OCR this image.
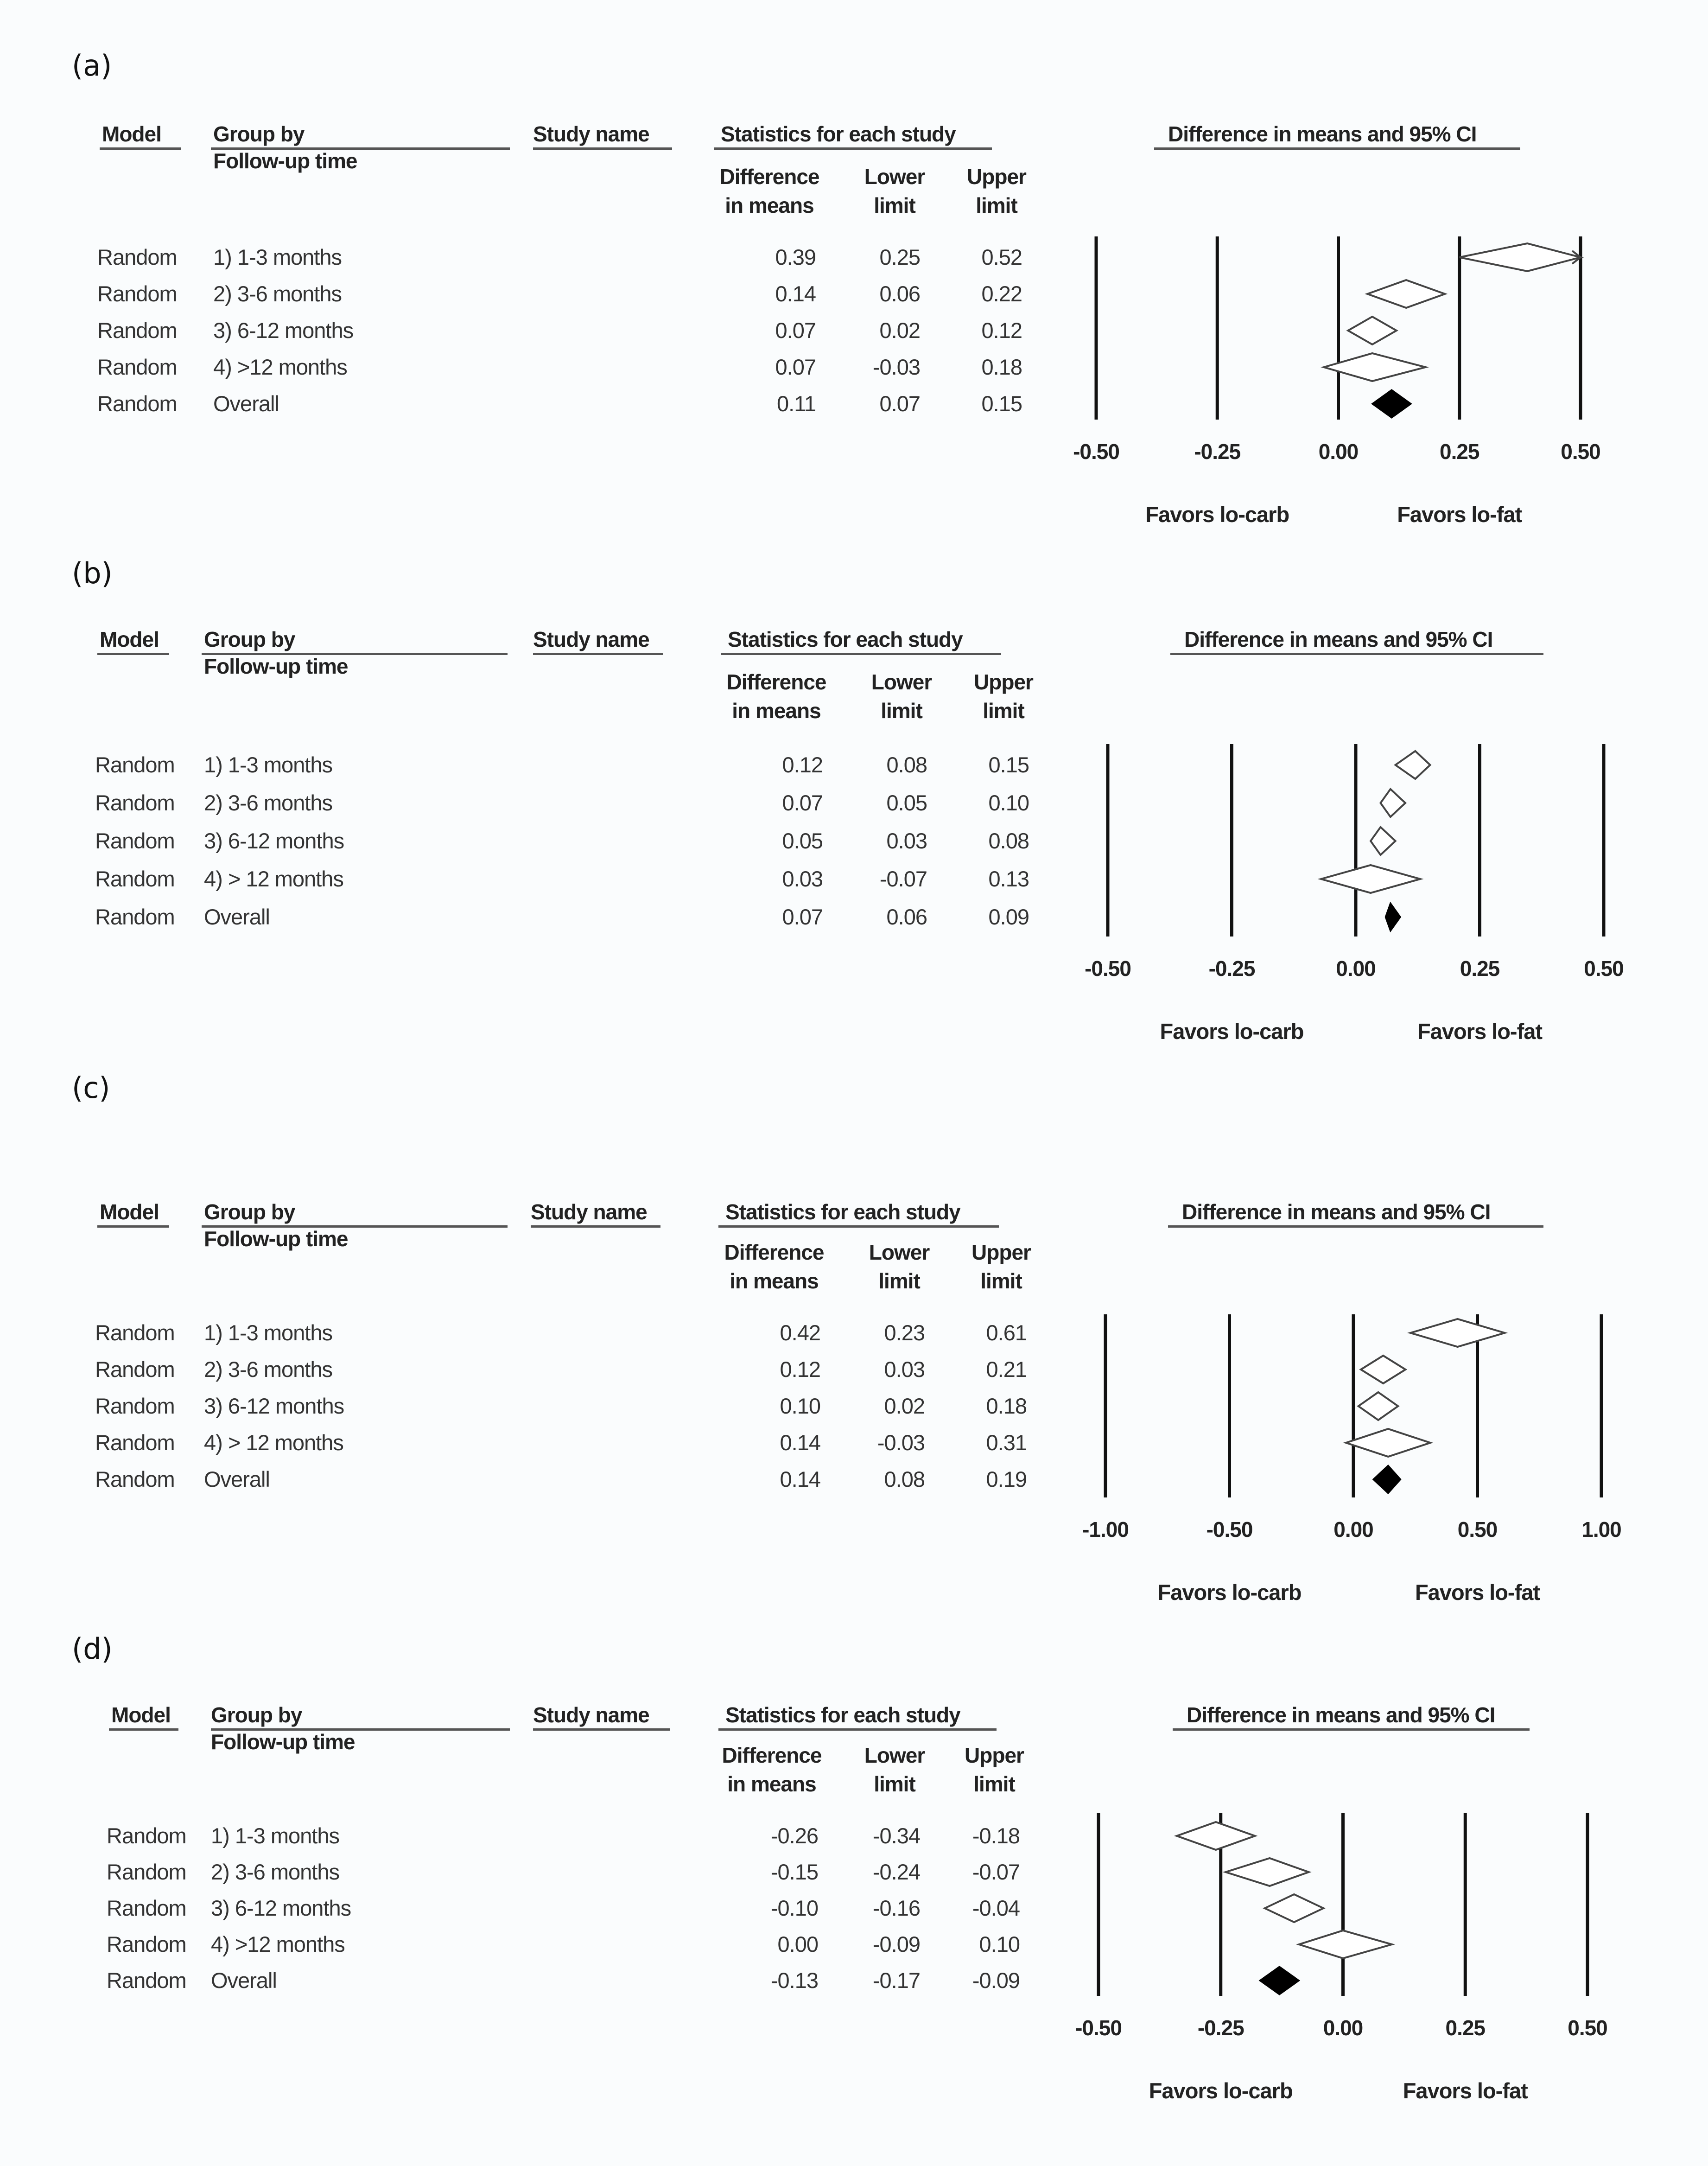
(a)
Model Group by
Follow-up time
Study name	Statistics for each study
Difference
in means
Lower
limit
Upper
limit
Difference in means and 95% CI
Random 1) 1-3 months	0.39	0.25	0.52
Random 2) 3-6 months	0.14	0.06	0.22
Random 3) 6-12 months	0.07	0.02	0.12
Random 4) >12 months	0.07	-0.03	0.18
Random Overall	0.11	0.07	0.15
-0.50	-0.25	0.00	0.25	0.50
Favors lo-carb	Favors lo-fat
(b)
Model Group by
Follow-up time
Study name	Statistics for each study
Difference
in means
Lower
limit
Upper
limit
Difference in means and 95% CI
Random 1) 1-3 months	0.12	0.08	0.15
Random 2) 3-6 months	0.07	0.05	0.10
Random 3) 6-12 months	0.05	0.03	0.08
Random 4) > 12 months	0.03	-0.07	0.13
Random Overall	0.07	0.06	0.09
-0.50	-0.25	0.00	0.25	0.50
Favors lo-carb	Favors lo-fat
(c)
Model Group by
Follow-up time
Study name	Statistics for each study
Difference
in means
Lower
limit
Upper
limit
Difference in means and 95% CI
Random 1) 1-3 months	0.42	0.23	0.61
Random 2) 3-6 months	0.12	0.03	0.21
Random 3) 6-12 months	0.10	0.02	0.18
Random 4) > 12 months	0.14	-0.03	0.31
Random Overall	0.14	0.08	0.19
-1.00	-0.50	0.00	0.50	1.00
Favors lo-carb	Favors lo-fat
(d)
Model Group by
Follow-up time
Study name	Statistics for each study
Difference
in means
Lower
limit
Upper
limit
Difference in means and 95% CI
Random 1) 1-3 months	-0.26	-0.34	-0.18
Random 2) 3-6 months	-0.15	-0.24	-0.07
Random 3) 6-12 months	-0.10	-0.16	-0.04
Random 4) >12 months	0.00	-0.09	0.10
Random Overall	-0.13	-0.17	-0.09
-0.50	-0.25	0.00	0.25	0.50
Favors lo-carb	Favors lo-fat
